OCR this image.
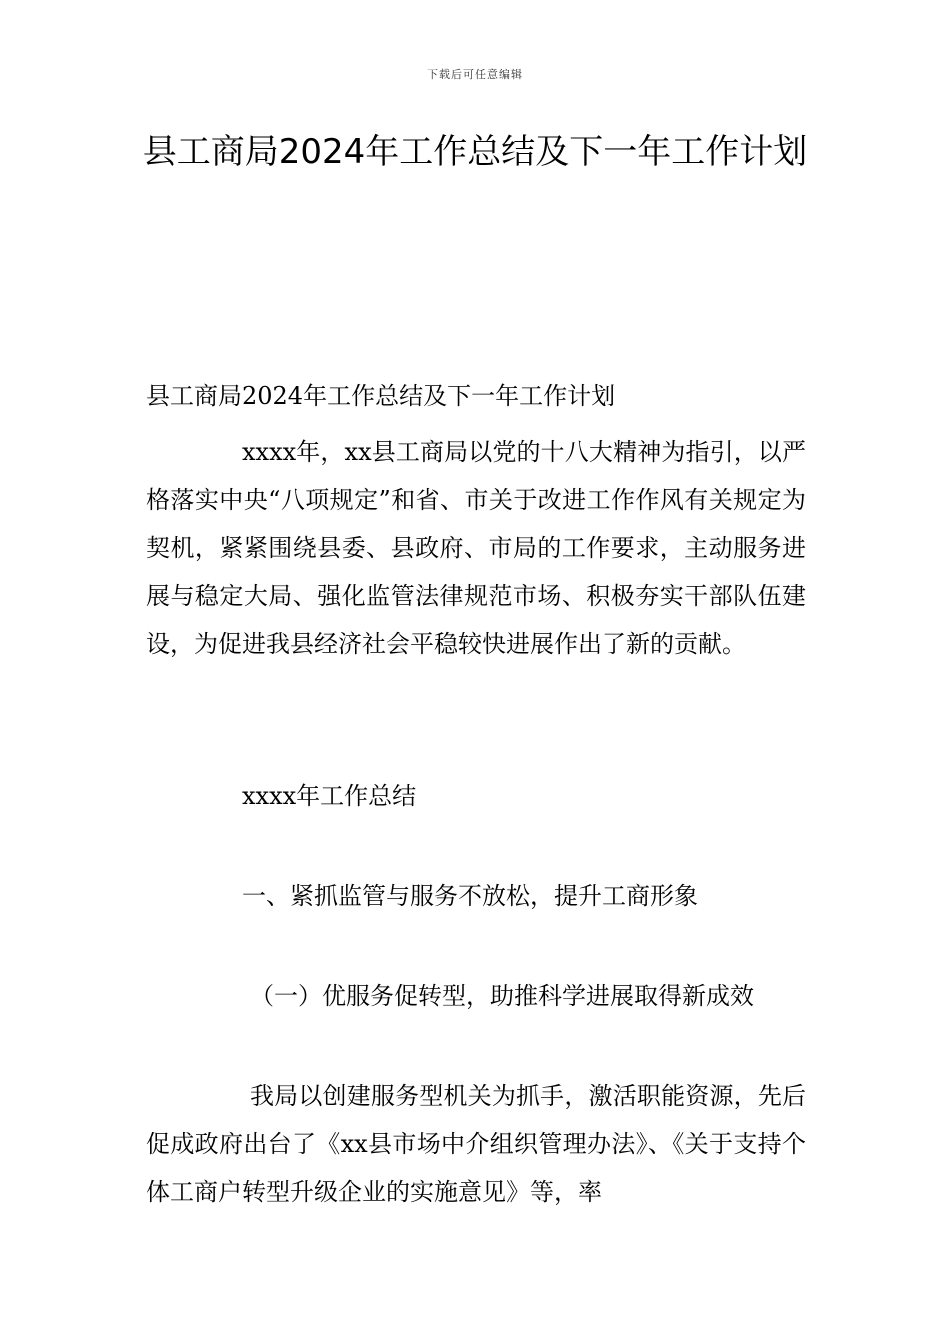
下载后可任意编辑
县工商局2024年工作总结及下一年工作计划

县工商局2024年工作总结及下一年工作计划

xxxx年，xx县工商局以党的十八大精神为指引，以严格落实中央“八项规定”和省、市关于改进工作作风有关规定为契机，紧紧围绕县委、县政府、市局的工作要求，主动服务进展与稳定大局、强化监管法律规范市场、积极夯实干部队伍建设，为促进我县经济社会平稳较快进展作出了新的贡献。

xxxx年工作总结

一、紧抓监管与服务不放松，提升工商形象

（一）优服务促转型，助推科学进展取得新成效

我局以创建服务型机关为抓手，激活职能资源，先后促成政府出台了《xx县市场中介组织管理办法》、《关于支持个体工商户转型升级企业的实施意见》等，率
